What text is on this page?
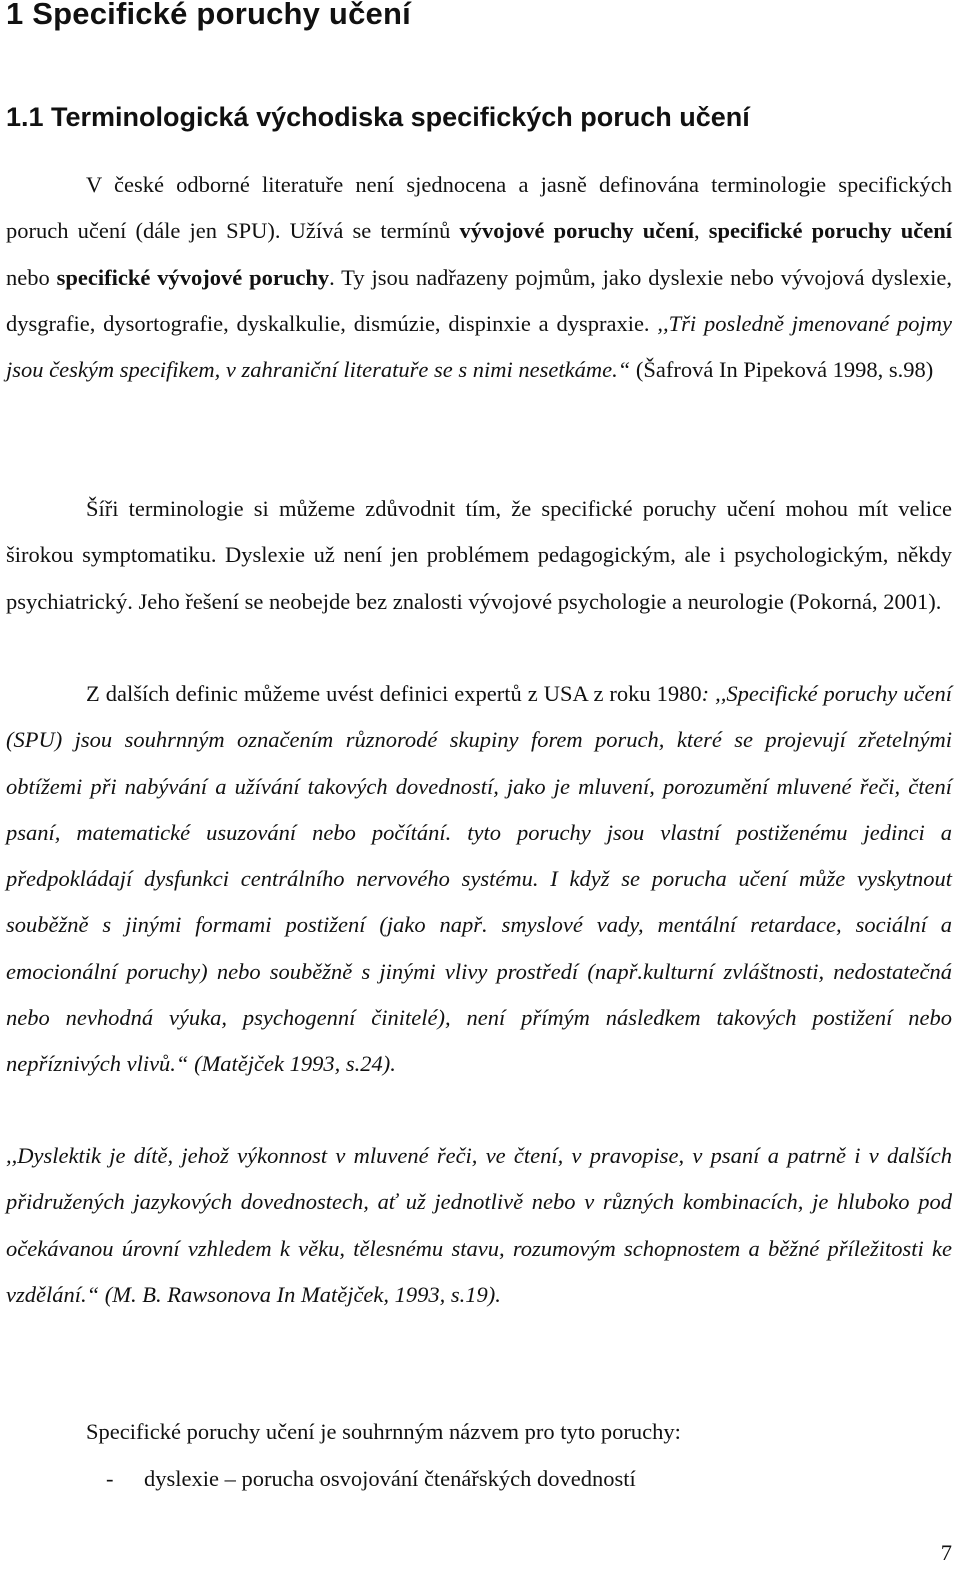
1 Specifické poruchy učení
1.1 Terminologická východiska specifických poruch učení

V české odborné literatuře není sjednocena a jasně definována terminologie specifických poruch učení (dále jen SPU). Užívá se termínů vývojové poruchy učení, specifické poruchy učení nebo specifické vývojové poruchy. Ty jsou nadřazeny pojmům, jako dyslexie nebo vývojová dyslexie, dysgrafie, dysortografie, dyskalkulie, dismúzie, dispinxie a dyspraxie. ,,Tři posledně jmenované pojmy jsou českým specifikem, v zahraniční literatuře se s nimi nesetkáme.“ (Šafrová In Pipeková 1998, s.98)

Šíři terminologie si můžeme zdůvodnit tím, že specifické poruchy učení mohou mít velice širokou symptomatiku. Dyslexie už není jen problémem pedagogickým, ale i psychologickým, někdy psychiatrický. Jeho řešení se neobejde bez znalosti vývojové psychologie a neurologie (Pokorná, 2001).

Z dalších definic můžeme uvést definici expertů z USA z roku 1980: ,,Specifické poruchy učení (SPU) jsou souhrnným označením různorodé skupiny forem poruch, které se projevují zřetelnými obtížemi při nabývání a užívání takových dovedností, jako je mluvení, porozumění mluvené řeči, čtení psaní, matematické usuzování nebo počítání. tyto poruchy jsou vlastní postiženému jedinci a předpokládají dysfunkci centrálního nervového systému. I když se porucha učení může vyskytnout souběžně s jinými formami postižení (jako např. smyslové vady, mentální retardace, sociální a emocionální poruchy) nebo souběžně s jinými vlivy prostředí (např.kulturní zvláštnosti, nedostatečná nebo nevhodná výuka, psychogenní činitelé), není přímým následkem takových postižení nebo nepříznivých vlivů.“ (Matějček 1993, s.24).

,,Dyslektik je dítě, jehož výkonnost v mluvené řeči, ve čtení, v pravopise, v psaní a patrně i v dalších přidružených jazykových dovednostech, ať už jednotlivě nebo v různých kombinacích, je hluboko pod očekávanou úrovní vzhledem k věku, tělesnému stavu, rozumovým schopnostem a běžné příležitosti ke vzdělání.“ (M. B. Rawsonova In Matějček, 1993, s.19).

Specifické poruchy učení je souhrnným názvem pro tyto poruchy:

- dyslexie – porucha osvojování čtenářských dovedností
7
